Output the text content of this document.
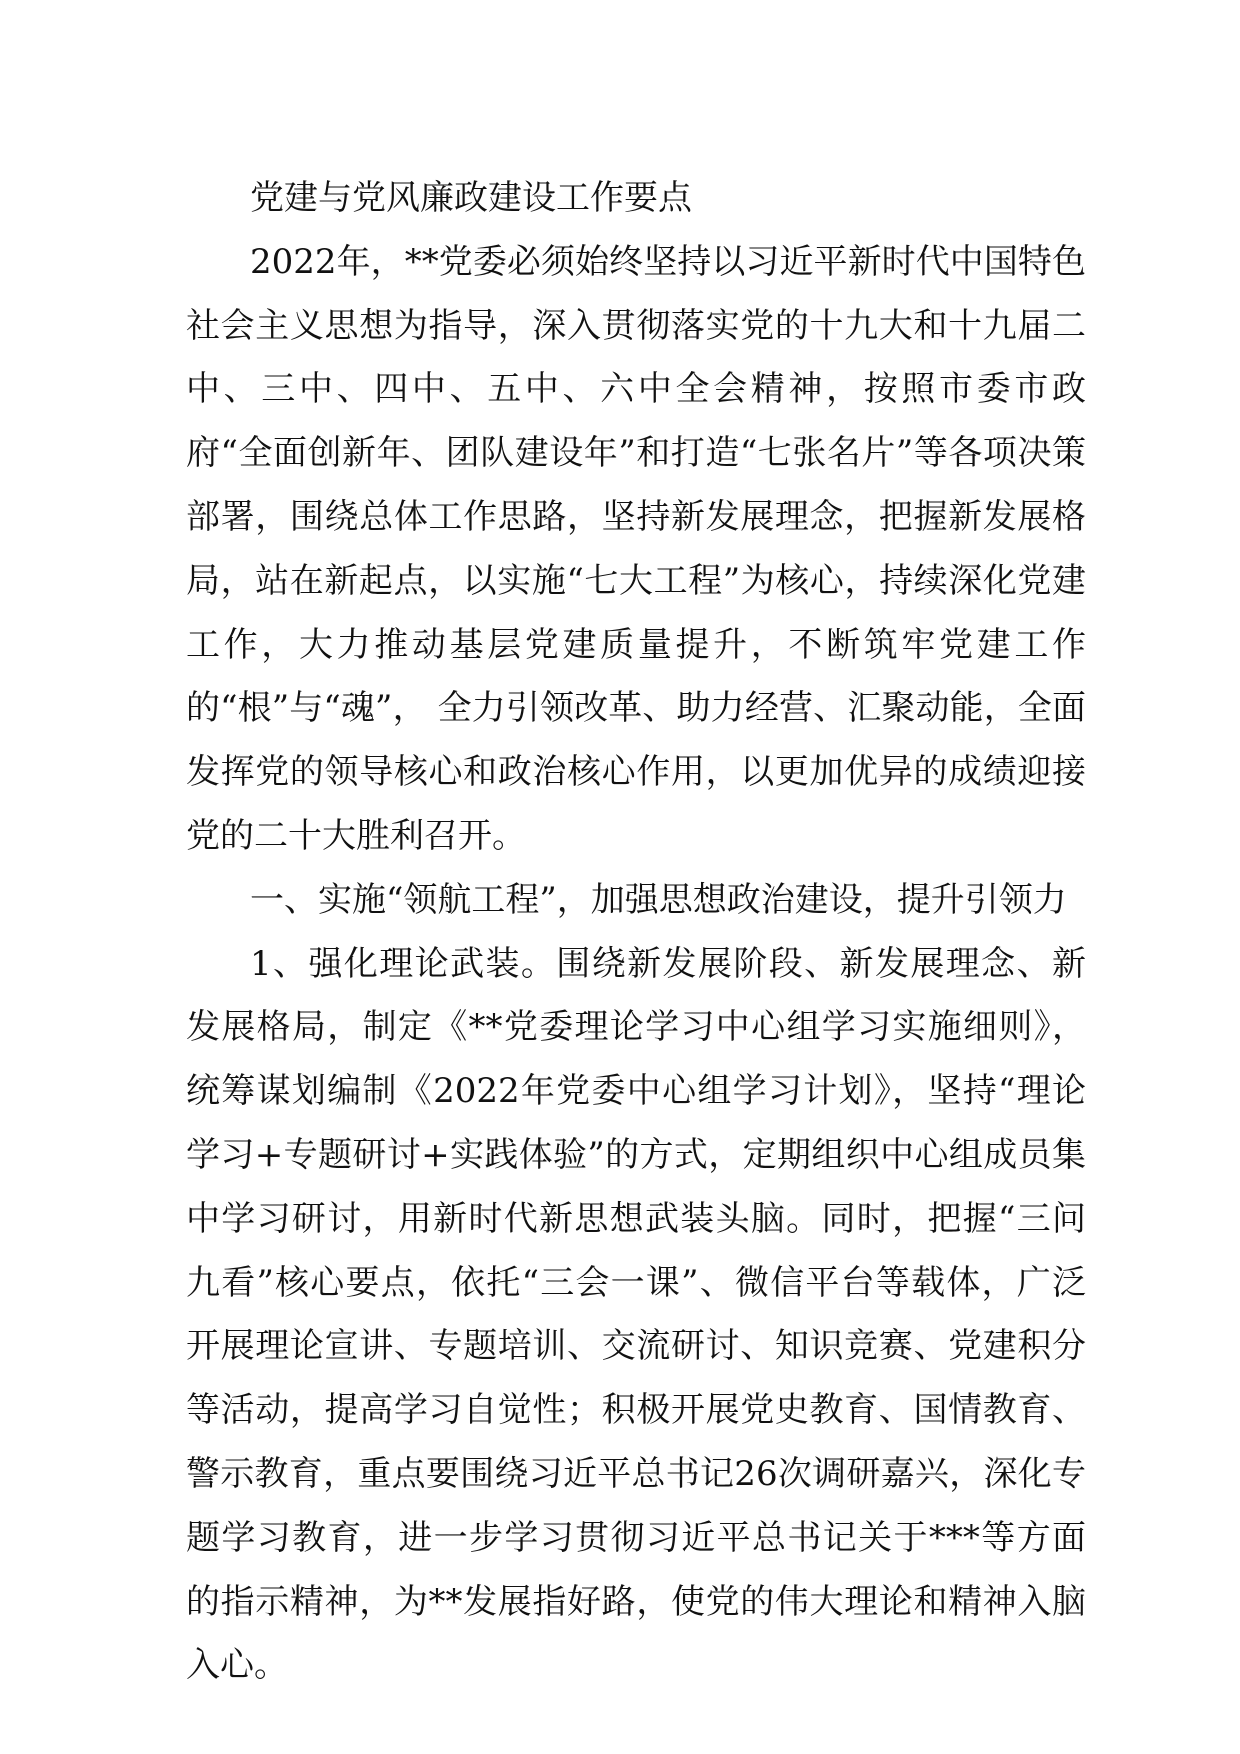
党建与党风廉政建设工作要点

2022年，**党委必须始终坚持以习近平新时代中国特色社会主义思想为指导，深入贯彻落实党的十九大和十九届二中、三中、四中、五中、六中全会精神，按照市委市政府“全面创新年、团队建设年”和打造“七张名片”等各项决策部署，围绕总体工作思路，坚持新发展理念，把握新发展格局，站在新起点，以实施“七大工程”为核心，持续深化党建工作，大力推动基层党建质量提升，不断筑牢党建工作的“根”与“魂”， 全力引领改革、助力经营、汇聚动能，全面发挥党的领导核心和政治核心作用，以更加优异的成绩迎接党的二十大胜利召开。

一、实施“领航工程”，加强思想政治建设，提升引领力

1、强化理论武装。围绕新发展阶段、新发展理念、新发展格局，制定《**党委理论学习中心组学习实施细则》，统筹谋划编制《2022年党委中心组学习计划》，坚持“理论学习+专题研讨+实践体验”的方式，定期组织中心组成员集中学习研讨，用新时代新思想武装头脑。同时，把握“三问九看”核心要点，依托“三会一课”、微信平台等载体，广泛开展理论宣讲、专题培训、交流研讨、知识竞赛、党建积分等活动，提高学习自觉性；积极开展党史教育、国情教育、警示教育，重点要围绕习近平总书记26次调研嘉兴，深化专题学习教育，进一步学习贯彻习近平总书记关于***等方面的指示精神，为**发展指好路，使党的伟大理论和精神入脑入心。
